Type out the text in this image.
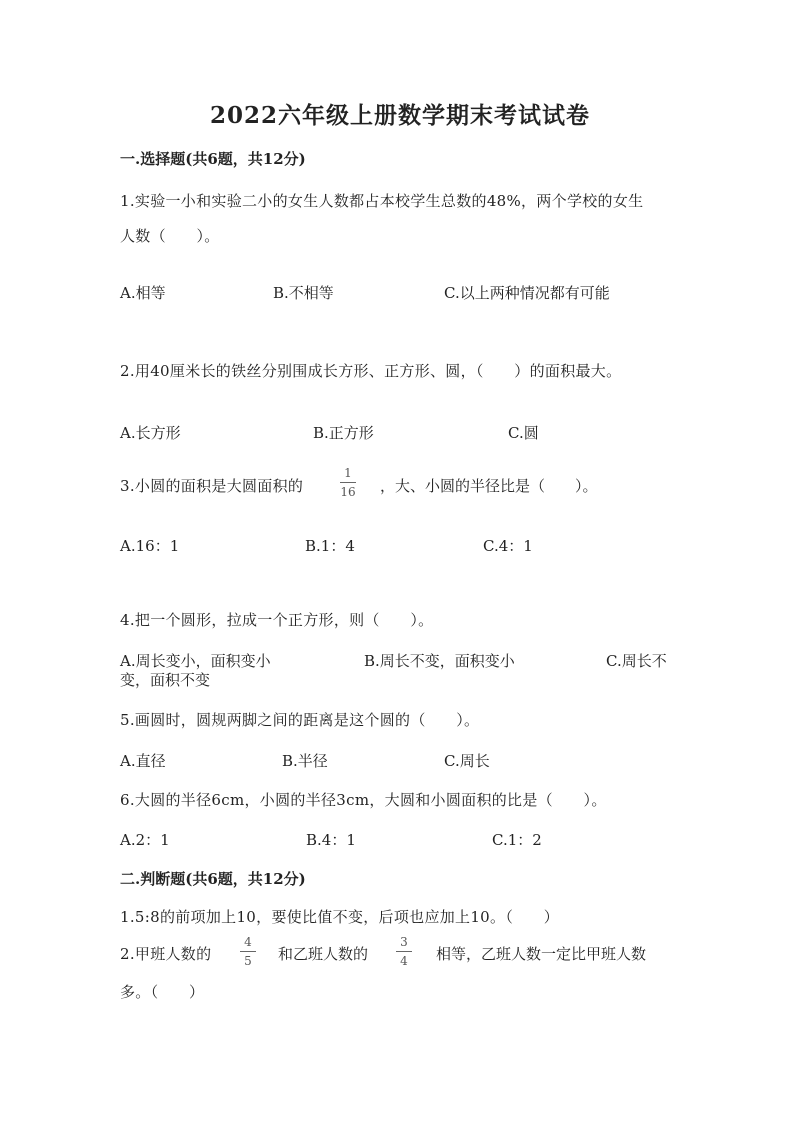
2022六年级上册数学期末考试试卷
一.选择题(共6题，共12分)
1.实验一小和实验二小的女生人数都占本校学生总数的48%，两个学校的女生
人数（　　）。
A.相等	B.不相等	C.以上两种情况都有可能
2.用40厘米长的铁丝分别围成长方形、正方形、圆，（　　）的面积最大。
A.长方形	B.正方形	C.圆
3.小圆的面积是大圆面积的
1
16 ，大、小圆的半径比是（　　）。
A.16：1	B.1：4	C.4：1
4.把一个圆形，拉成一个正方形，则（　　）。
A.周长变小，面积变小	B.周长不变，面积变小	C.周长不
变，面积不变
5.画圆时，圆规两脚之间的距离是这个圆的（　　）。
A.直径	B.半径	C.周长
6.大圆的半径6cm，小圆的半径3cm，大圆和小圆面积的比是（　　）。
A.2：1	B.4：1	C.1：2
二.判断题(共6题，共12分)
1.5:8的前项加上10，要使比值不变，后项也应加上10。（　　）
2.甲班人数的
4
5 和乙班人数的
3
4 相等，乙班人数一定比甲班人数
多。（　　）
